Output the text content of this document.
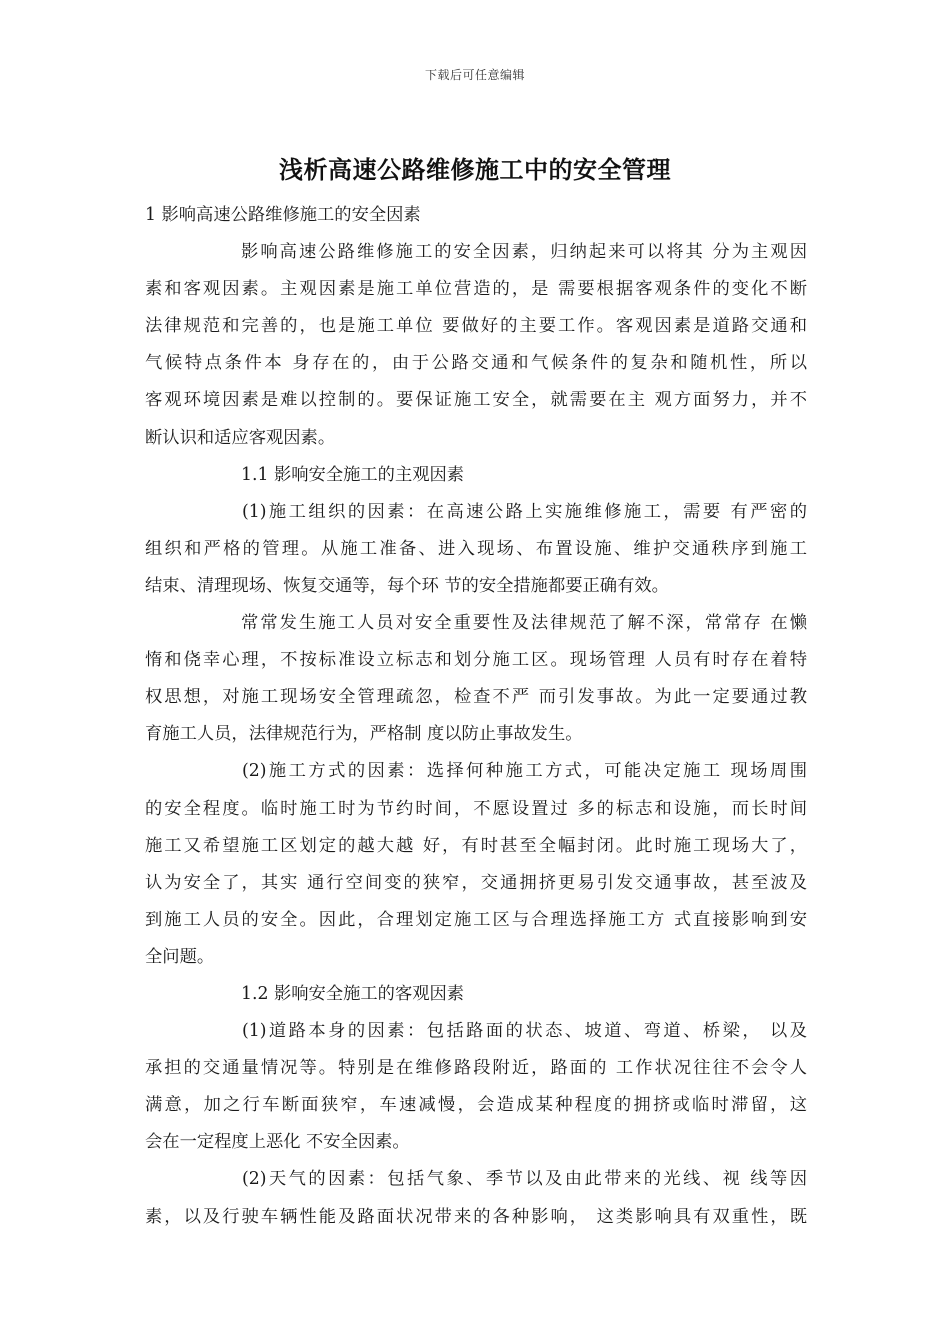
下载后可任意编辑
浅析高速公路维修施工中的安全管理
1 影响高速公路维修施工的安全因素
影响高速公路维修施工的安全因素，归纳起来可以将其 分为主观因
素和客观因素。主观因素是施工单位营造的，是 需要根据客观条件的变化不断
法律规范和完善的，也是施工单位 要做好的主要工作。客观因素是道路交通和
气候特点条件本 身存在的，由于公路交通和气候条件的复杂和随机性，所以
客观环境因素是难以控制的。要保证施工安全，就需要在主 观方面努力，并不
断认识和适应客观因素。
1.1 影响安全施工的主观因素
(1)施工组织的因素：在高速公路上实施维修施工，需要 有严密的
组织和严格的管理。从施工准备、进入现场、布置设施、维护交通秩序到施工
结束、清理现场、恢复交通等，每个环 节的安全措施都要正确有效。
常常发生施工人员对安全重要性及法律规范了解不深，常常存 在懒
惰和侥幸心理，不按标准设立标志和划分施工区。现场管理 人员有时存在着特
权思想，对施工现场安全管理疏忽，检查不严 而引发事故。为此一定要通过教
育施工人员，法律规范行为，严格制 度以防止事故发生。
(2)施工方式的因素：选择何种施工方式，可能决定施工 现场周围
的安全程度。临时施工时为节约时间，不愿设置过 多的标志和设施，而长时间
施工又希望施工区划定的越大越 好，有时甚至全幅封闭。此时施工现场大了，
认为安全了，其实 通行空间变的狭窄，交通拥挤更易引发交通事故，甚至波及
到施工人员的安全。因此，合理划定施工区与合理选择施工方 式直接影响到安
全问题。
1.2 影响安全施工的客观因素
(1)道路本身的因素：包括路面的状态、坡道、弯道、桥梁， 以及
承担的交通量情况等。特别是在维修路段附近，路面的 工作状况往往不会令人
满意，加之行车断面狭窄，车速减慢，会造成某种程度的拥挤或临时滞留，这
会在一定程度上恶化 不安全因素。
(2)天气的因素：包括气象、季节以及由此带来的光线、视 线等因
素，以及行驶车辆性能及路面状况带来的各种影响， 这类影响具有双重性，既
